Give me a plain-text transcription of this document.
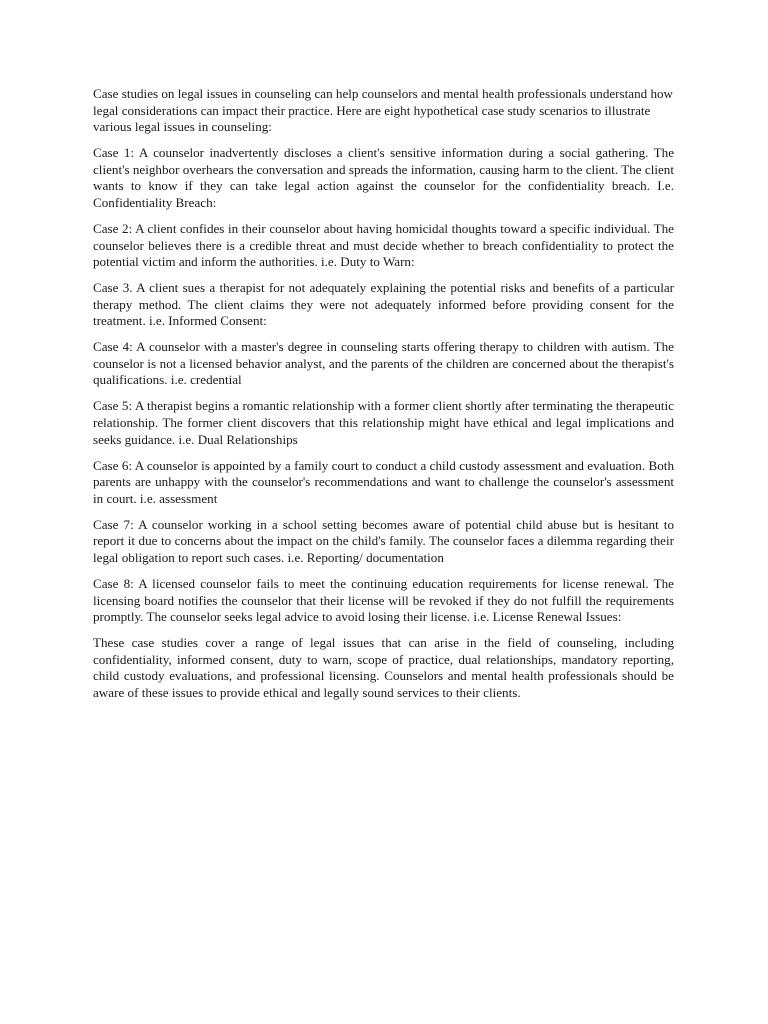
Case studies on legal issues in counseling can help counselors and mental health professionals understand how legal considerations can impact their practice. Here are eight hypothetical case study scenarios to illustrate various legal issues in counseling:

Case 1: A counselor inadvertently discloses a client's sensitive information during a social gathering. The client's neighbor overhears the conversation and spreads the information, causing harm to the client. The client wants to know if they can take legal action against the counselor for the confidentiality breach. I.e. Confidentiality Breach:

Case 2: A client confides in their counselor about having homicidal thoughts toward a specific individual. The counselor believes there is a credible threat and must decide whether to breach confidentiality to protect the potential victim and inform the authorities. i.e. Duty to Warn:

Case 3. A client sues a therapist for not adequately explaining the potential risks and benefits of a particular therapy method. The client claims they were not adequately informed before providing consent for the treatment. i.e. Informed Consent:

Case 4: A counselor with a master's degree in counseling starts offering therapy to children with autism. The counselor is not a licensed behavior analyst, and the parents of the children are concerned about the therapist's qualifications. i.e. credential

Case 5: A therapist begins a romantic relationship with a former client shortly after terminating the therapeutic relationship. The former client discovers that this relationship might have ethical and legal implications and seeks guidance. i.e. Dual Relationships

Case 6: A counselor is appointed by a family court to conduct a child custody assessment and evaluation. Both parents are unhappy with the counselor's recommendations and want to challenge the counselor's assessment in court. i.e. assessment

Case 7: A counselor working in a school setting becomes aware of potential child abuse but is hesitant to report it due to concerns about the impact on the child's family. The counselor faces a dilemma regarding their legal obligation to report such cases. i.e. Reporting/ documentation

Case 8: A licensed counselor fails to meet the continuing education requirements for license renewal. The licensing board notifies the counselor that their license will be revoked if they do not fulfill the requirements promptly. The counselor seeks legal advice to avoid losing their license. i.e. License Renewal Issues:

These case studies cover a range of legal issues that can arise in the field of counseling, including confidentiality, informed consent, duty to warn, scope of practice, dual relationships, mandatory reporting, child custody evaluations, and professional licensing. Counselors and mental health professionals should be aware of these issues to provide ethical and legally sound services to their clients.
